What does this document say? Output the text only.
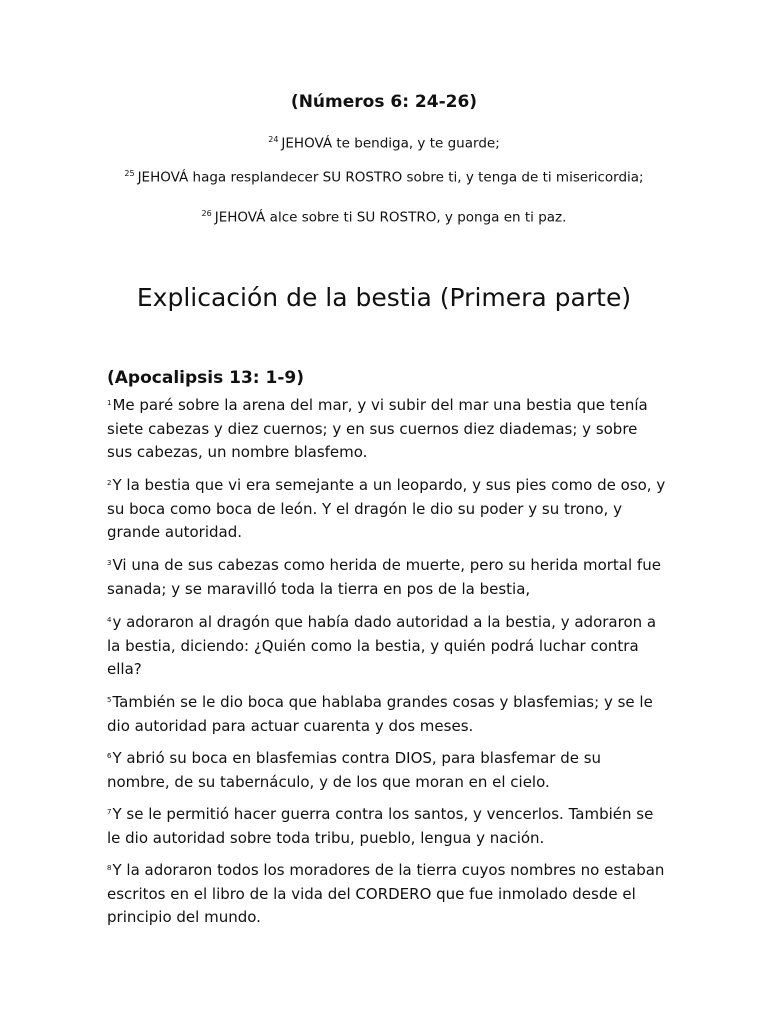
(Números 6: 24-26)
$^{24}$ JEHOVÁ te bendiga, y te guarde;
$^{25}$ JEHOVÁ haga resplandecer SU ROSTRO sobre ti, y tenga de ti misericordia;
$^{26}$ JEHOVÁ alce sobre ti SU ROSTRO, y ponga en ti paz.
Explicación de la bestia (Primera parte)
(Apocalipsis 13: 1-9)
$^1$Me paré sobre la arena del mar, y vi subir del mar una bestia que tenía siete cabezas y diez cuernos; y en sus cuernos diez diademas; y sobre sus cabezas, un nombre blasfemo.
$^2$Y la bestia que vi era semejante a un leopardo, y sus pies como de oso, y su boca como boca de león. Y el dragón le dio su poder y su trono, y grande autoridad.
$^3$Vi una de sus cabezas como herida de muerte, pero su herida mortal fue sanada; y se maravilló toda la tierra en pos de la bestia,
$^4$y adoraron al dragón que había dado autoridad a la bestia, y adoraron a la bestia, diciendo: ¿Quién como la bestia, y quién podrá luchar contra ella?
$^5$También se le dio boca que hablaba grandes cosas y blasfemias; y se le dio autoridad para actuar cuarenta y dos meses.
$^6$Y abrió su boca en blasfemias contra DIOS, para blasfemar de su nombre, de su tabernáculo, y de los que moran en el cielo.
$^7$Y se le permitió hacer guerra contra los santos, y vencerlos. También se le dio autoridad sobre toda tribu, pueblo, lengua y nación.
$^8$Y la adoraron todos los moradores de la tierra cuyos nombres no estaban escritos en el libro de la vida del CORDERO que fue inmolado desde el principio del mundo.
